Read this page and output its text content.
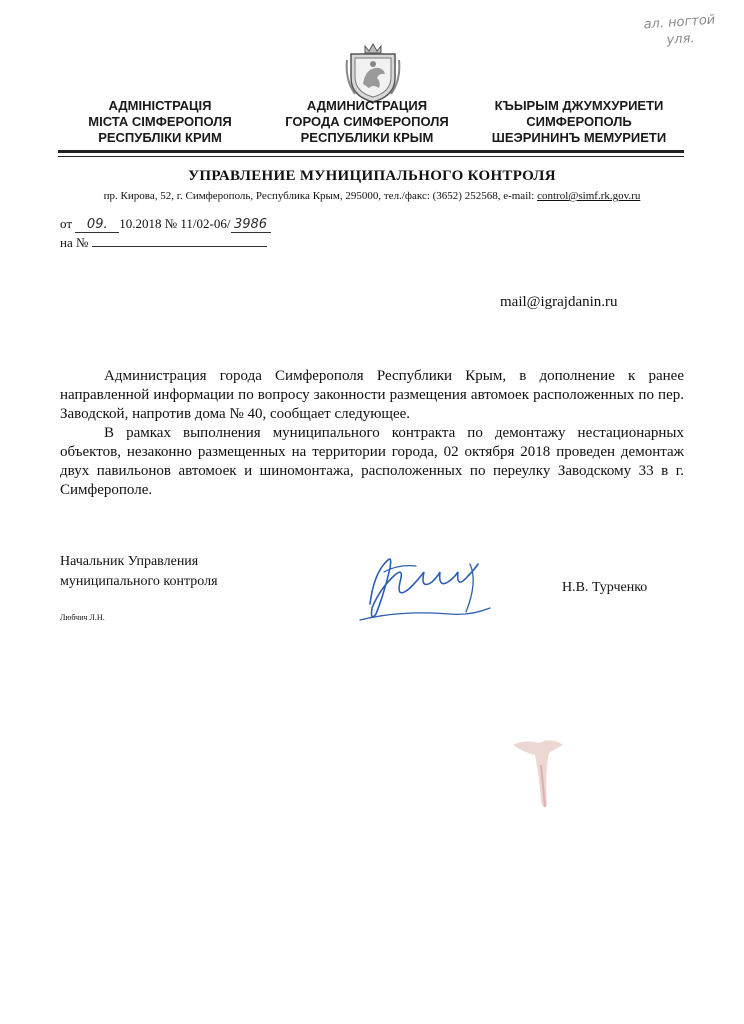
ал. ногтой
уля.
АДМІНІСТРАЦІЯ
МІСТА СІМФЕРОПОЛЯ
РЕСПУБЛІКИ КРИМ
АДМИНИСТРАЦИЯ
ГОРОДА СИМФЕРОПОЛЯ
РЕСПУБЛИКИ КРЫМ
КЪЫРЫМ ДЖУМХУРИЕТИ
СИМФЕРОПОЛЬ
ШЕЭРИНИНЪ МЕМУРИЕТИ
УПРАВЛЕНИЕ МУНИЦИПАЛЬНОГО КОНТРОЛЯ
пр. Кирова, 52, г. Симферополь, Республика Крым, 295000, тел./факс: (3652) 252568, e-mail: control@simf.rk.gov.ru
от 09. 10.2018 № 11/02-06/ 3986
на №
mail@igrajdanin.ru

Администрация города Симферополя Республики Крым, в дополнение к ранее направленной информации по вопросу законности размещения автомоек расположенных по пер. Заводской, напротив дома № 40, сообщает следующее.

В рамках выполнения муниципального контракта по демонтажу нестационарных объектов, незаконно размещенных на территории города, 02 октября 2018 проведен демонтаж двух павильонов автомоек и шиномонтажа, расположенных по переулку Заводскому 33 в г. Симферополе.

Начальник Управления
муниципального контроля	Н.В. Турченко
Любчич Л.Н.
